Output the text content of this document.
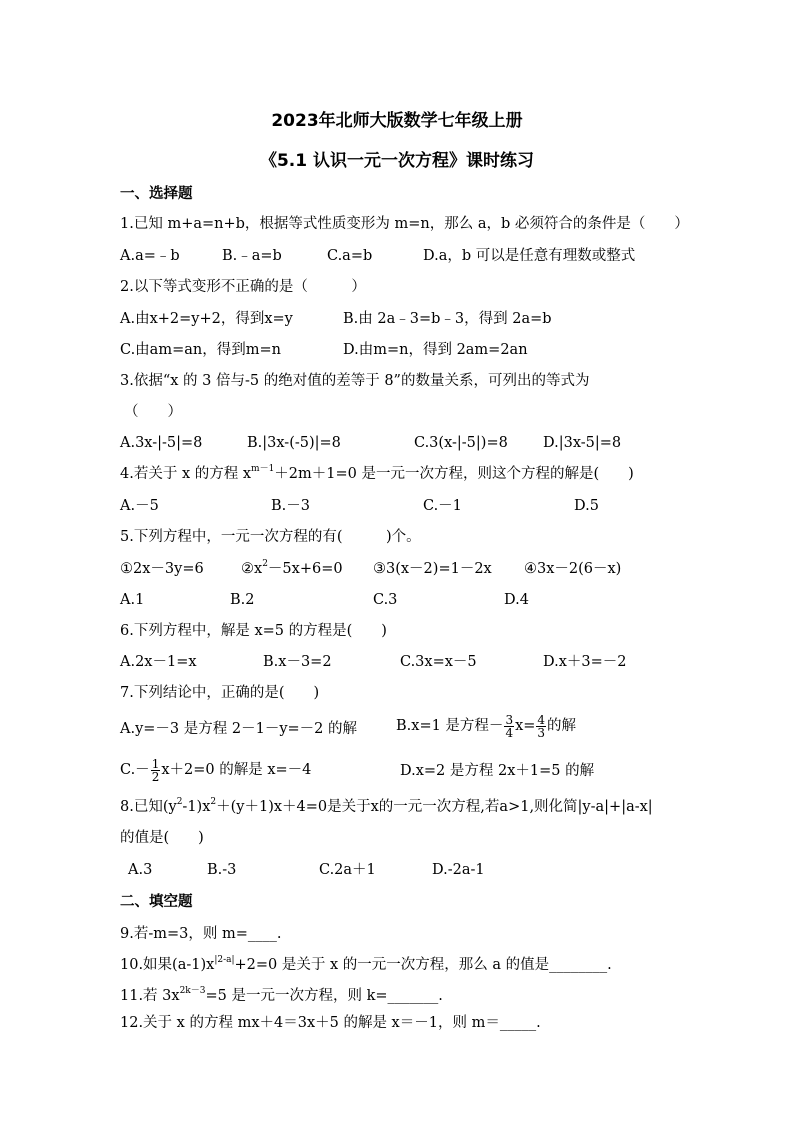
2023年北师大版数学七年级上册
《5.1 认识一元一次方程》课时练习
一、选择题
1.已知 m+a=n+b，根据等式性质变形为 m=n，那么 a，b 必须符合的条件是（　　）
A.a=﹣b	B.﹣a=b	C.a=b	D.a，b 可以是任意有理数或整式
2.以下等式变形不正确的是（　　　）
A.由x+2=y+2，得到x=y	B.由 2a﹣3=b﹣3，得到 2a=b
C.由am=an，得到m=n	D.由m=n，得到 2am=2an
3.依据“x 的 3 倍与-5 的绝对值的差等于 8”的数量关系，可列出的等式为
（　　）
A.3x-|-5|=8	B.|3x-(-5)|=8	C.3(x-|-5|)=8 D.|3x-5|=8
4.若关于 x 的方程 $x^{m-1}+2m+1=0$ 是一元一次方程，则这个方程的解是(　　)
A.－5	B.－3	C.－1	D.5
5.下列方程中，一元一次方程的有(　　　)个。
①2x－3y=6	$②x^2-5x+6=0$ ③3(x－2)=1－2x ④3x－2(6－x)
A.1	B.2	C.3	D.4
6.下列方程中，解是 x=5 的方程是(　　)
A.2x－1=x	B.x－3=2	C.3x=x－5	D.x＋3=－2
7.下列结论中，正确的是(　　)
A.y=－3 是方程 2－1－y=－2 的解	B.x=1 是方程－ $\frac{3}{4} x= \frac{4}{3}$ 的解
$C.- \frac{1}{2} x+2=0$ 的解是 x=－4	D.x=2 是方程 2x＋1=5 的解
8.已知$(y^2-1)x^2+(y+1)x+4=0$是关于x的一元一次方程,若a>1,则化简|y-a|+|a-x|
的值是(　　)
A.3	B.-3	C.2a＋1	D.-2a-1
二、填空题
9.若-m=3，则 m=____.
10.如果$(a-1)x^{|2-a|}+2=0$ 是关于 x 的一元一次方程，那么 a 的值是________.
11.若 $3x^{2k-3}=5$ 是一元一次方程，则 k=_______.
12.关于 x 的方程 mx＋4＝3x＋5 的解是 x＝－1，则 m＝_____.
